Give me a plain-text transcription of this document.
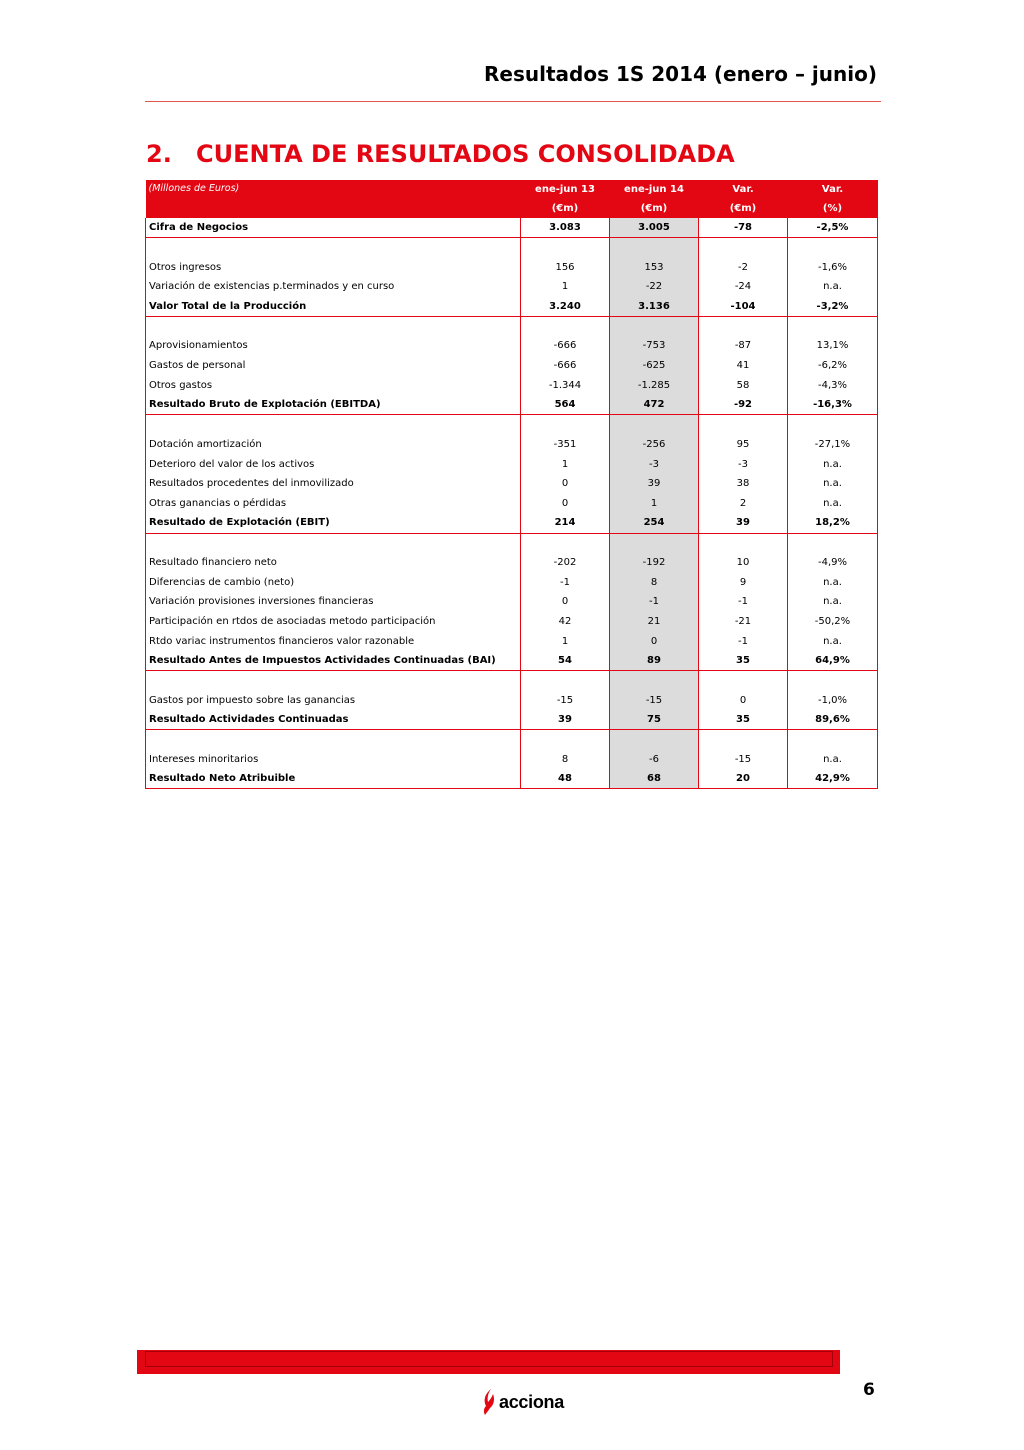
Resultados 1S 2014 (enero – junio)
2. CUENTA DE RESULTADOS CONSOLIDADA
(Millones de Euros)	ene-jun 13	ene-jun 14	Var.	Var.
	(€m)	(€m)	(€m)	(%)
Cifra de Negocios	3.083	3.005	-78	-2,5%

Otros ingresos	156	153	-2	-1,6%
Variación de existencias p.terminados y en curso	1	-22	-24	n.a.
Valor Total de la Producción	3.240	3.136	-104	-3,2%

Aprovisionamientos	-666	-753	-87	13,1%
Gastos de personal	-666	-625	41	-6,2%
Otros gastos	-1.344	-1.285	58	-4,3%
Resultado Bruto de Explotación (EBITDA)	564	472	-92	-16,3%

Dotación amortización	-351	-256	95	-27,1%
Deterioro del valor de los activos	1	-3	-3	n.a.
Resultados procedentes del inmovilizado	0	39	38	n.a.
Otras ganancias o pérdidas	0	1	2	n.a.
Resultado de Explotación (EBIT)	214	254	39	18,2%

Resultado financiero neto	-202	-192	10	-4,9%
Diferencias de cambio (neto)	-1	8	9	n.a.
Variación provisiones inversiones financieras	0	-1	-1	n.a.
Participación en rtdos de asociadas metodo participación	42	21	-21	-50,2%
Rtdo variac instrumentos financieros valor razonable	1	0	-1	n.a.
Resultado Antes de Impuestos Actividades Continuadas (BAI)	54	89	35	64,9%

Gastos por impuesto sobre las ganancias	-15	-15	0	-1,0%
Resultado Actividades Continuadas	39	75	35	89,6%

Intereses minoritarios	8	-6	-15	n.a.
Resultado Neto Atribuible	48	68	20	42,9%
6
acciona
